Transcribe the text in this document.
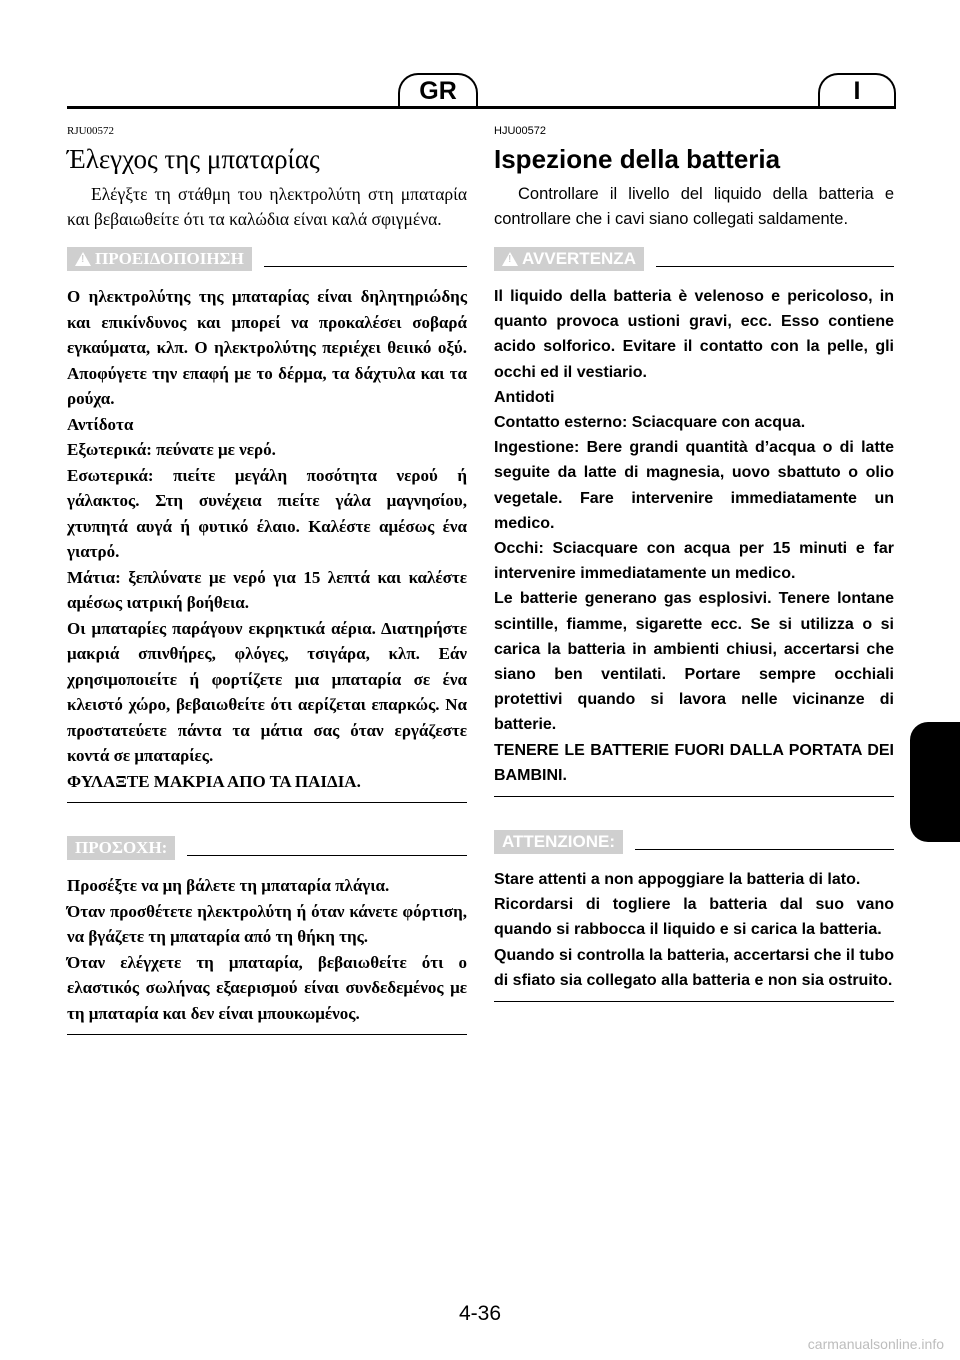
GR	I
RJU00572
Έλεγχος της μπαταρίας

Ελέγξτε τη στάθμη του ηλεκτρολύτη στη μπαταρία και βεβαιωθείτε ότι τα καλώδια είναι καλά σφιγμένα.

!
ΠΡΟΕΙΔΟΠΟΙΗΣΗ

Ο ηλεκτρολύτης της μπαταρίας είναι δηλητηριώδης και επικίνδυνος και μπορεί να προκαλέσει σοβαρά εγκαύματα, κλπ. Ο ηλεκτρολύτης περιέχει θειικό οξύ. Αποφύγετε την επαφή με το δέρμα, τα δάχτυλα και τα ρούχα.

Αντίδοτα

Εξωτερικά: πεύνατε με νερό.

Εσωτερικά: πιείτε μεγάλη ποσότητα νερού ή γάλακτος. Στη συνέχεια πιείτε γάλα μαγνησίου, χτυπητά αυγά ή φυτικό έλαιο. Καλέστε αμέσως ένα γιατρό.

Μάτια: ξεπλύνατε με νερό για 15 λεπτά και καλέστε αμέσως ιατρική βοήθεια.

Οι μπαταρίες παράγουν εκρηκτικά αέρια. Διατηρήστε μακριά σπινθήρες, φλόγες, τσιγάρα, κλπ. Εάν χρησιμοποιείτε ή φορτίζετε μια μπαταρία σε ένα κλειστό χώρο, βεβαιωθείτε ότι αερίζεται επαρκώς. Να προστατεύετε πάντα τα μάτια σας όταν εργάζεστε κοντά σε μπαταρίες.

ΦΥΛΑΞΤΕ ΜΑΚΡΙΑ ΑΠΟ ΤΑ ΠΑΙΔΙΑ.

ΠΡΟΣΟΧΗ:

Προσέξτε να μη βάλετε τη μπαταρία πλάγια.

Όταν προσθέτετε ηλεκτρολύτη ή όταν κάνετε φόρτιση, να βγάζετε τη μπαταρία από τη θήκη της.

Όταν ελέγχετε τη μπαταρία, βεβαιωθείτε ότι ο ελαστικός σωλήνας εξαερισμού είναι συνδεδεμένος με τη μπαταρία και δεν είναι μπουκωμένος.

HJU00572
Ispezione della batteria

Controllare il livello del liquido della batteria e controllare che i cavi siano collegati saldamente.

!
AVVERTENZA

Il liquido della batteria è velenoso e pericoloso, in quanto provoca ustioni gravi, ecc. Esso contiene acido solforico. Evitare il contatto con la pelle, gli occhi ed il vestiario.

Antidoti

Contatto esterno: Sciacquare con acqua.

Ingestione: Bere grandi quantità d’acqua o di latte seguite da latte di magnesia, uovo sbattuto o olio vegetale. Fare intervenire immediatamente un medico.

Occhi: Sciacquare con acqua per 15 minuti e far intervenire immediatamente un medico.

Le batterie generano gas esplosivi. Tenere lontane scintille, fiamme, sigarette ecc. Se si utilizza o si carica la batteria in ambienti chiusi, accertarsi che siano ben ventilati. Portare sempre occhiali protettivi quando si lavora nelle vicinanze di batterie.

TENERE LE BATTERIE FUORI DALLA PORTATA DEI BAMBINI.

ATTENZIONE:

Stare attenti a non appoggiare la batteria di lato.

Ricordarsi di togliere la batteria dal suo vano quando si rabbocca il liquido e si carica la batteria.

Quando si controlla la batteria, accertarsi che il tubo di sfiato sia collegato alla batteria e non sia ostruito.

4-36
carmanualsonline.info
